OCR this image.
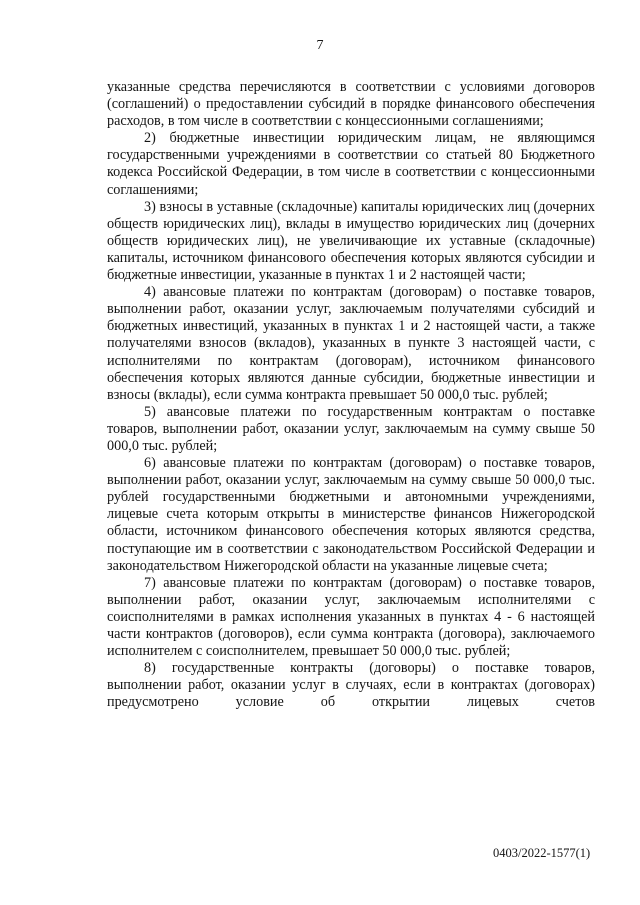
7

указанные средства перечисляются в соответствии с условиями договоров (соглашений) о предоставлении субсидий в порядке финансового обеспечения расходов, в том числе в соответствии с концессионными соглашениями;

2) бюджетные инвестиции юридическим лицам, не являющимся государственными учреждениями в соответствии со статьей 80 Бюджетного кодекса Российской Федерации, в том числе в соответствии с концессионными соглашениями;

3) взносы в уставные (складочные) капиталы юридических лиц (дочерних обществ юридических лиц), вклады в имущество юридических лиц (дочерних обществ юридических лиц), не увеличивающие их уставные (складочные) капиталы, источником финансового обеспечения которых являются субсидии и бюджетные инвестиции, указанные в пунктах 1 и 2 настоящей части;

4) авансовые платежи по контрактам (договорам) о поставке товаров, выполнении работ, оказании услуг, заключаемым получателями субсидий и бюджетных инвестиций, указанных в пунктах 1 и 2 настоящей части, а также получателями взносов (вкладов), указанных в пункте 3 настоящей части, с исполнителями по контрактам (договорам), источником финансового обеспечения которых являются данные субсидии, бюджетные инвестиции и взносы (вклады), если сумма контракта превышает 50 000,0 тыс. рублей;

5) авансовые платежи по государственным контрактам о поставке товаров, выполнении работ, оказании услуг, заключаемым на сумму свыше 50 000,0 тыс. рублей;

6) авансовые платежи по контрактам (договорам) о поставке товаров, выполнении работ, оказании услуг, заключаемым на сумму свыше 50 000,0 тыс. рублей государственными бюджетными и автономными учреждениями, лицевые счета которым открыты в министерстве финансов Нижегородской области, источником финансового обеспечения которых являются средства, поступающие им в соответствии с законодательством Российской Федерации и законодательством Нижегородской области на указанные лицевые счета;

7) авансовые платежи по контрактам (договорам) о поставке товаров, выполнении работ, оказании услуг, заключаемым исполнителями с соисполнителями в рамках исполнения указанных в пунктах 4 - 6 настоящей части контрактов (договоров), если сумма контракта (договора), заключаемого исполнителем с соисполнителем, превышает 50 000,0 тыс. рублей;

8) государственные контракты (договоры) о поставке товаров, выполнении работ, оказании услуг в случаях, если в контрактах (договорах) предусмотрено условие об открытии лицевых счетов

0403/2022-1577(1)
